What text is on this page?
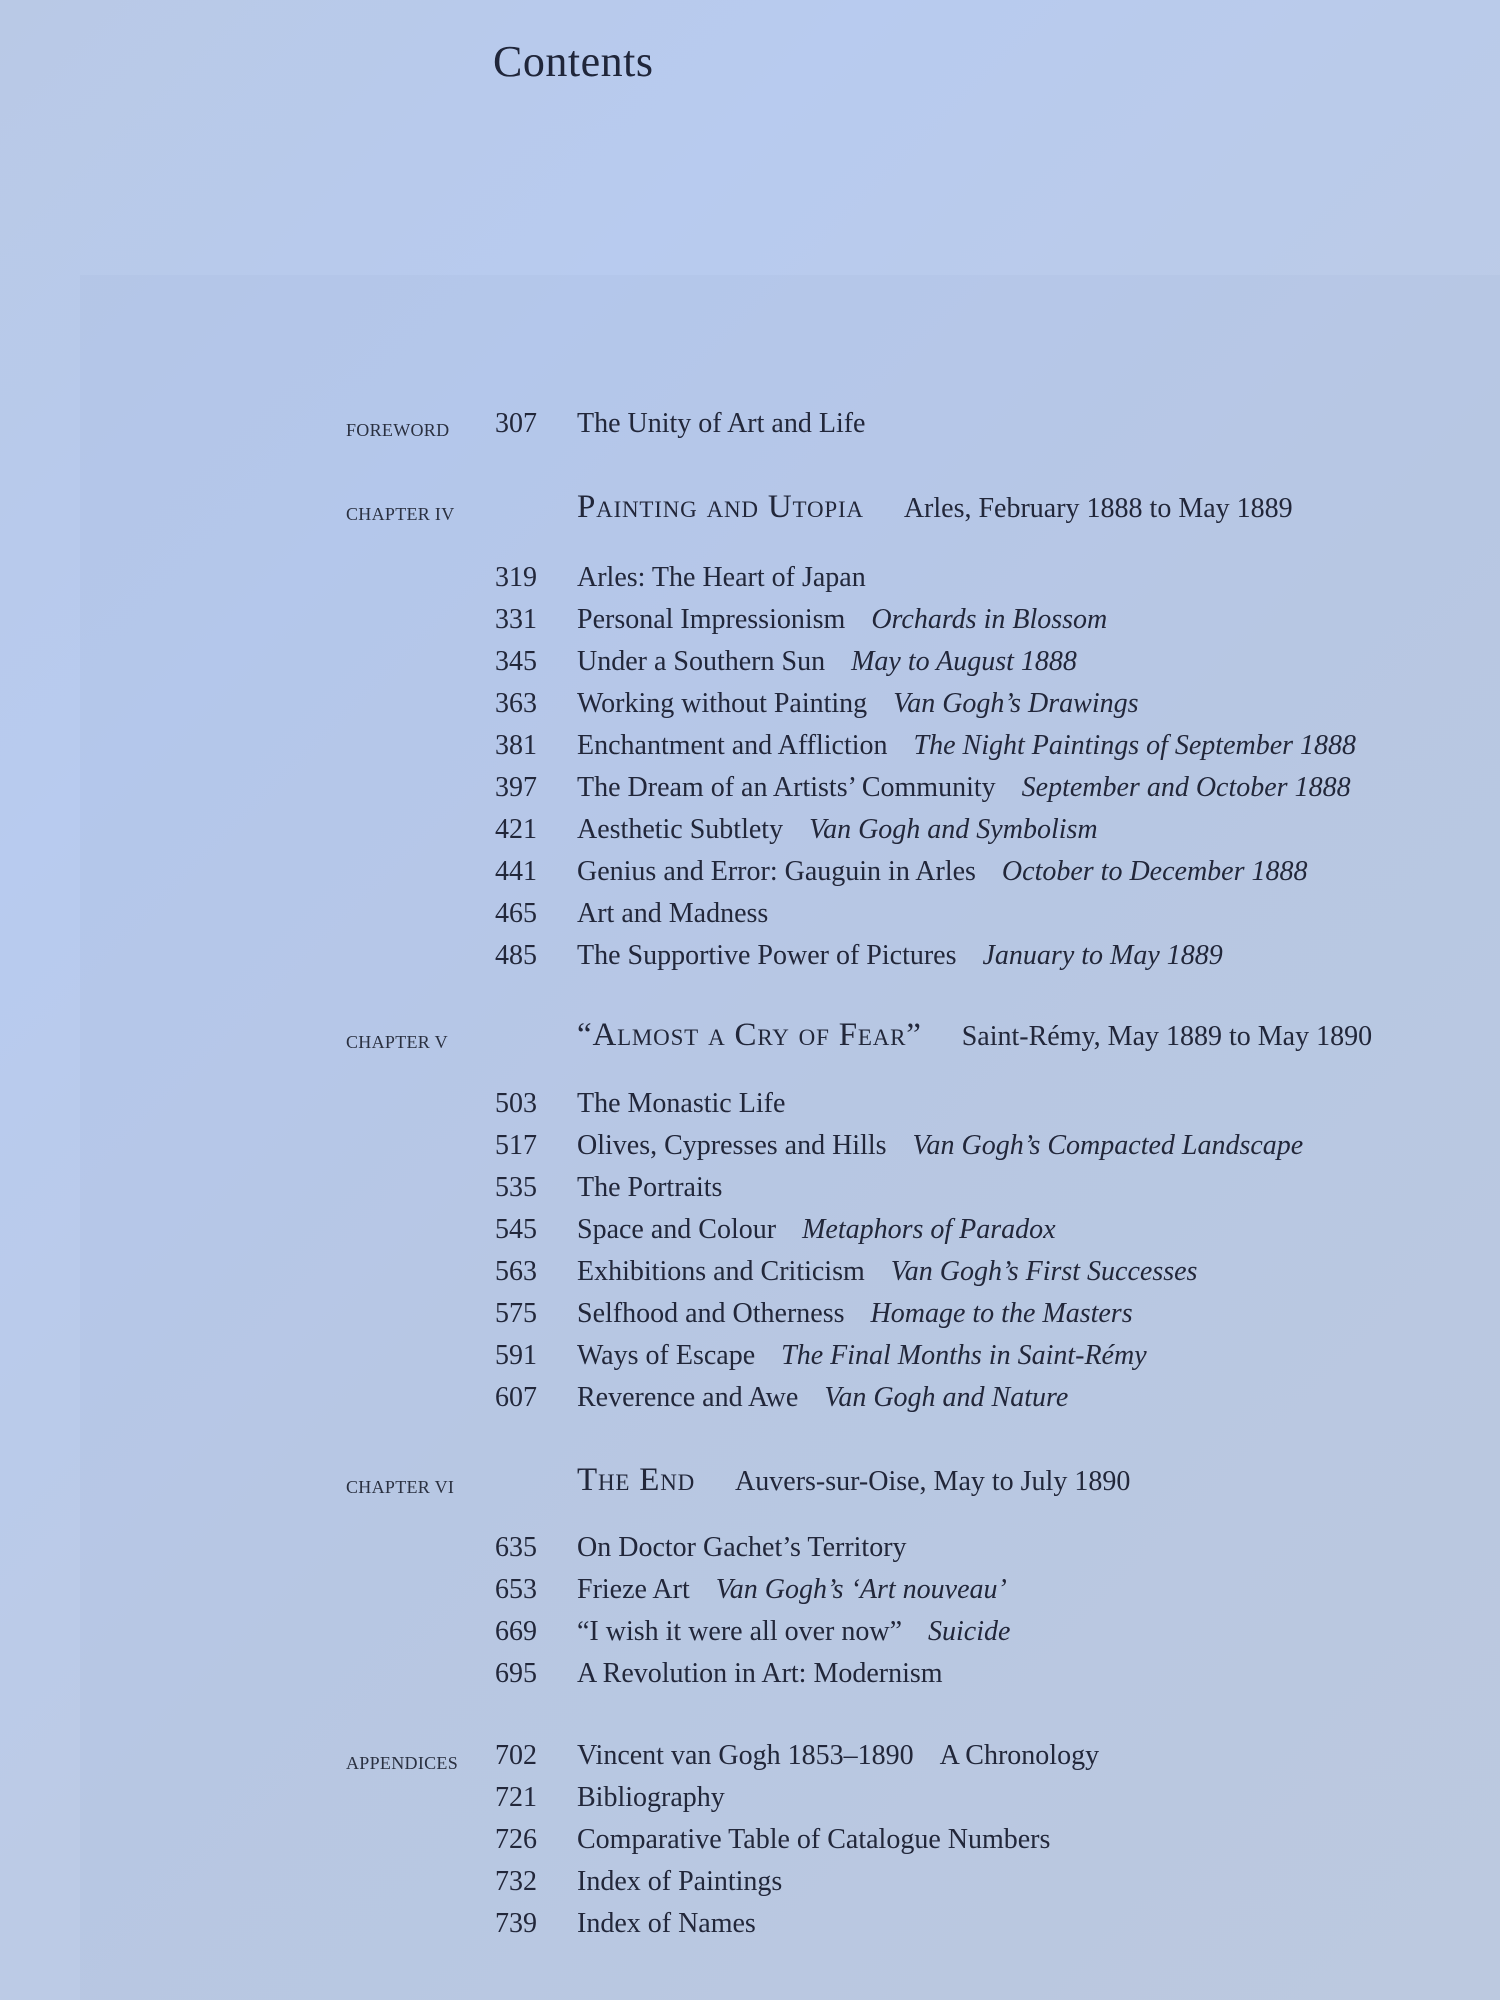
Contents
FOREWORD 307 The Unity of Art and Life
CHAPTER IV	Painting and Utopia Arles, February 1888 to May 1889
319 Arles: The Heart of Japan
331 Personal Impressionism Orchards in Blossom
345 Under a Southern Sun May to August 1888
363 Working without Painting Van Gogh’s Drawings
381 Enchantment and Affliction The Night Paintings of September 1888
397 The Dream of an Artists’ Community September and October 1888
421 Aesthetic Subtlety Van Gogh and Symbolism
441 Genius and Error: Gauguin in Arles October to December 1888
465 Art and Madness
485 The Supportive Power of Pictures January to May 1889
CHAPTER V	“Almost a Cry of Fear” Saint-Rémy, May 1889 to May 1890
503 The Monastic Life
517 Olives, Cypresses and Hills Van Gogh’s Compacted Landscape
535 The Portraits
545 Space and Colour Metaphors of Paradox
563 Exhibitions and Criticism Van Gogh’s First Successes
575 Selfhood and Otherness Homage to the Masters
591 Ways of Escape The Final Months in Saint-Rémy
607 Reverence and Awe Van Gogh and Nature
CHAPTER VI	The End Auvers-sur-Oise, May to July 1890
635 On Doctor Gachet’s Territory
653 Frieze Art Van Gogh’s ‘Art nouveau’
669 “I wish it were all over now” Suicide
695 A Revolution in Art: Modernism
APPENDICES 702 Vincent van Gogh 1853–1890 A Chronology
721 Bibliography
726 Comparative Table of Catalogue Numbers
732 Index of Paintings
739 Index of Names
